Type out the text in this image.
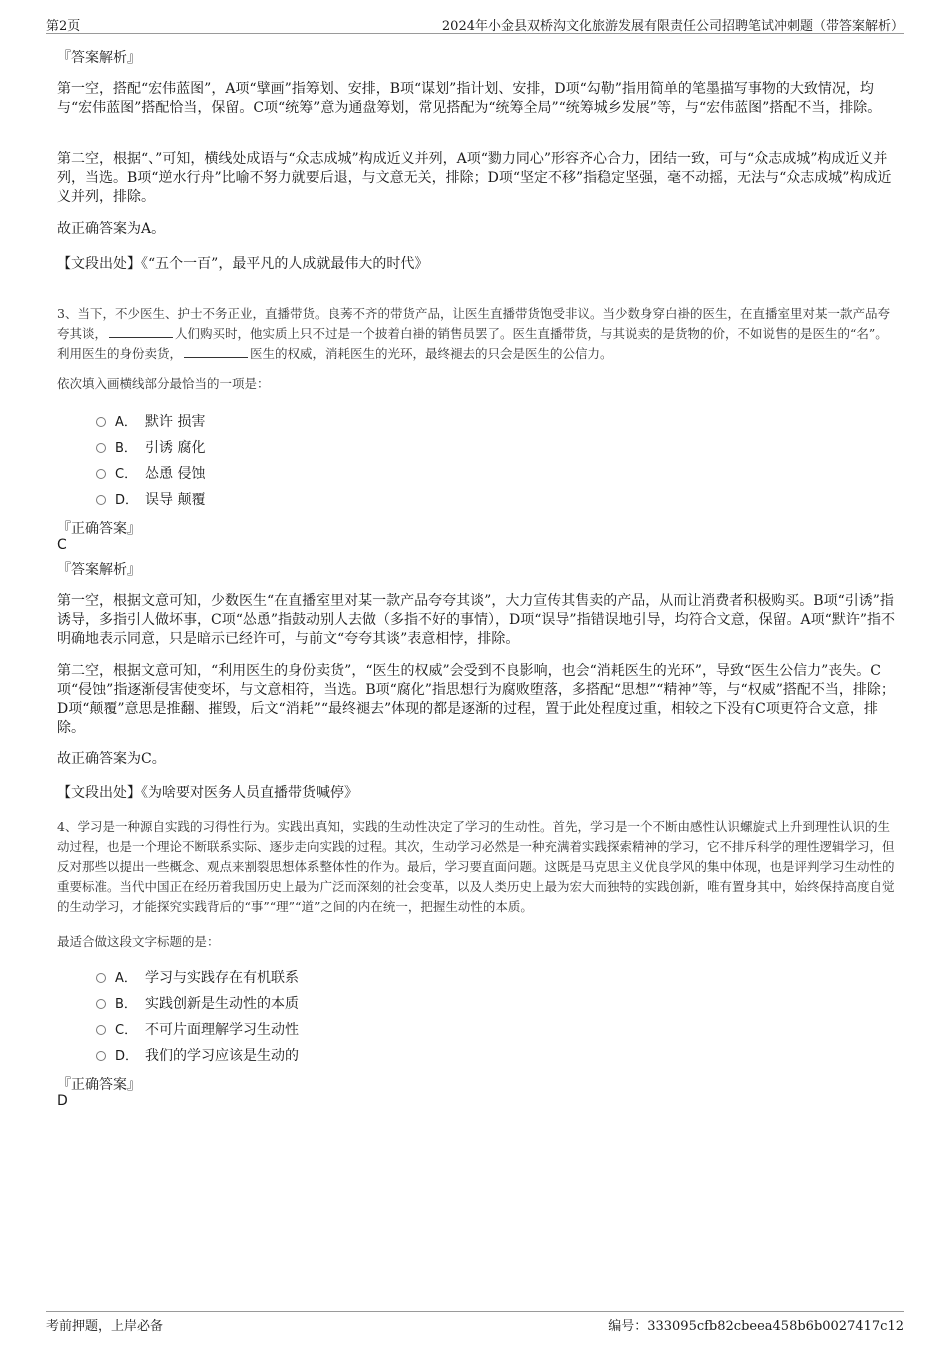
第2页	2024年小金县双桥沟文化旅游发展有限责任公司招聘笔试冲刺题（带答案解析）
『答案解析』
第一空，搭配“宏伟蓝图”，A项“擘画”指筹划、安排，B项“谋划”指计划、安排，D项“勾勒”指用简单的笔墨描写事物的大致情况，均与“宏伟蓝图”搭配恰当，保留。C项“统筹”意为通盘筹划，常见搭配为“统筹全局”“统筹城乡发展”等，与“宏伟蓝图”搭配不当，排除。
第二空，根据“、”可知，横线处成语与“众志成城”构成近义并列，A项“勠力同心”形容齐心合力，团结一致，可与“众志成城”构成近义并列，当选。B项“逆水行舟”比喻不努力就要后退，与文意无关，排除；D项“坚定不移”指稳定坚强，毫不动摇，无法与“众志成城”构成近义并列，排除。
故正确答案为A。
【文段出处】《“五个一百”，最平凡的人成就最伟大的时代》
3、当下，不少医生、护士不务正业，直播带货。良莠不齐的带货产品，让医生直播带货饱受非议。当少数身穿白褂的医生，在直播室里对某一款产品夸夸其谈，	人们购买时，他实质上只不过是一个披着白褂的销售员罢了。医生直播带货，与其说卖的是货物的价，不如说售的是医生的“名”。利用医生的身份卖货，	医生的权威，消耗医生的光环，最终褪去的只会是医生的公信力。
依次填入画横线部分最恰当的一项是：
A． 默许 损害
B． 引诱 腐化
C． 怂恿 侵蚀
D． 误导 颠覆
『正确答案』
C
『答案解析』
第一空，根据文意可知，少数医生“在直播室里对某一款产品夸夸其谈”，大力宣传其售卖的产品，从而让消费者积极购买。B项“引诱”指诱导，多指引人做坏事，C项“怂恿”指鼓动别人去做（多指不好的事情），D项“误导”指错误地引导，均符合文意，保留。A项“默许”指不明确地表示同意，只是暗示已经许可，与前文“夸夸其谈”表意相悖，排除。
第二空，根据文意可知，“利用医生的身份卖货”，“医生的权威”会受到不良影响，也会“消耗医生的光环”，导致“医生公信力”丧失。C项“侵蚀”指逐渐侵害使变坏，与文意相符，当选。B项“腐化”指思想行为腐败堕落，多搭配“思想”“精神”等，与“权威”搭配不当，排除；D项“颠覆”意思是推翻、摧毁，后文“消耗”“最终褪去”体现的都是逐渐的过程，置于此处程度过重，相较之下没有C项更符合文意，排除。
故正确答案为C。
【文段出处】《为啥要对医务人员直播带货喊停》
4、学习是一种源自实践的习得性行为。实践出真知，实践的生动性决定了学习的生动性。首先，学习是一个不断由感性认识螺旋式上升到理性认识的生动过程，也是一个理论不断联系实际、逐步走向实践的过程。其次，生动学习必然是一种充满着实践探索精神的学习，它不排斥科学的理性逻辑学习，但反对那些以提出一些概念、观点来割裂思想体系整体性的作为。最后，学习要直面问题。这既是马克思主义优良学风的集中体现，也是评判学习生动性的重要标准。当代中国正在经历着我国历史上最为广泛而深刻的社会变革，以及人类历史上最为宏大而独特的实践创新，唯有置身其中，始终保持高度自觉的生动学习，才能探究实践背后的“事”“理”“道”之间的内在统一，把握生动性的本质。
最适合做这段文字标题的是：
A． 学习与实践存在有机联系
B． 实践创新是生动性的本质
C． 不可片面理解学习生动性
D． 我们的学习应该是生动的
『正确答案』
D
考前押题，上岸必备	编号：333095cfb82cbeea458b6b0027417c12
